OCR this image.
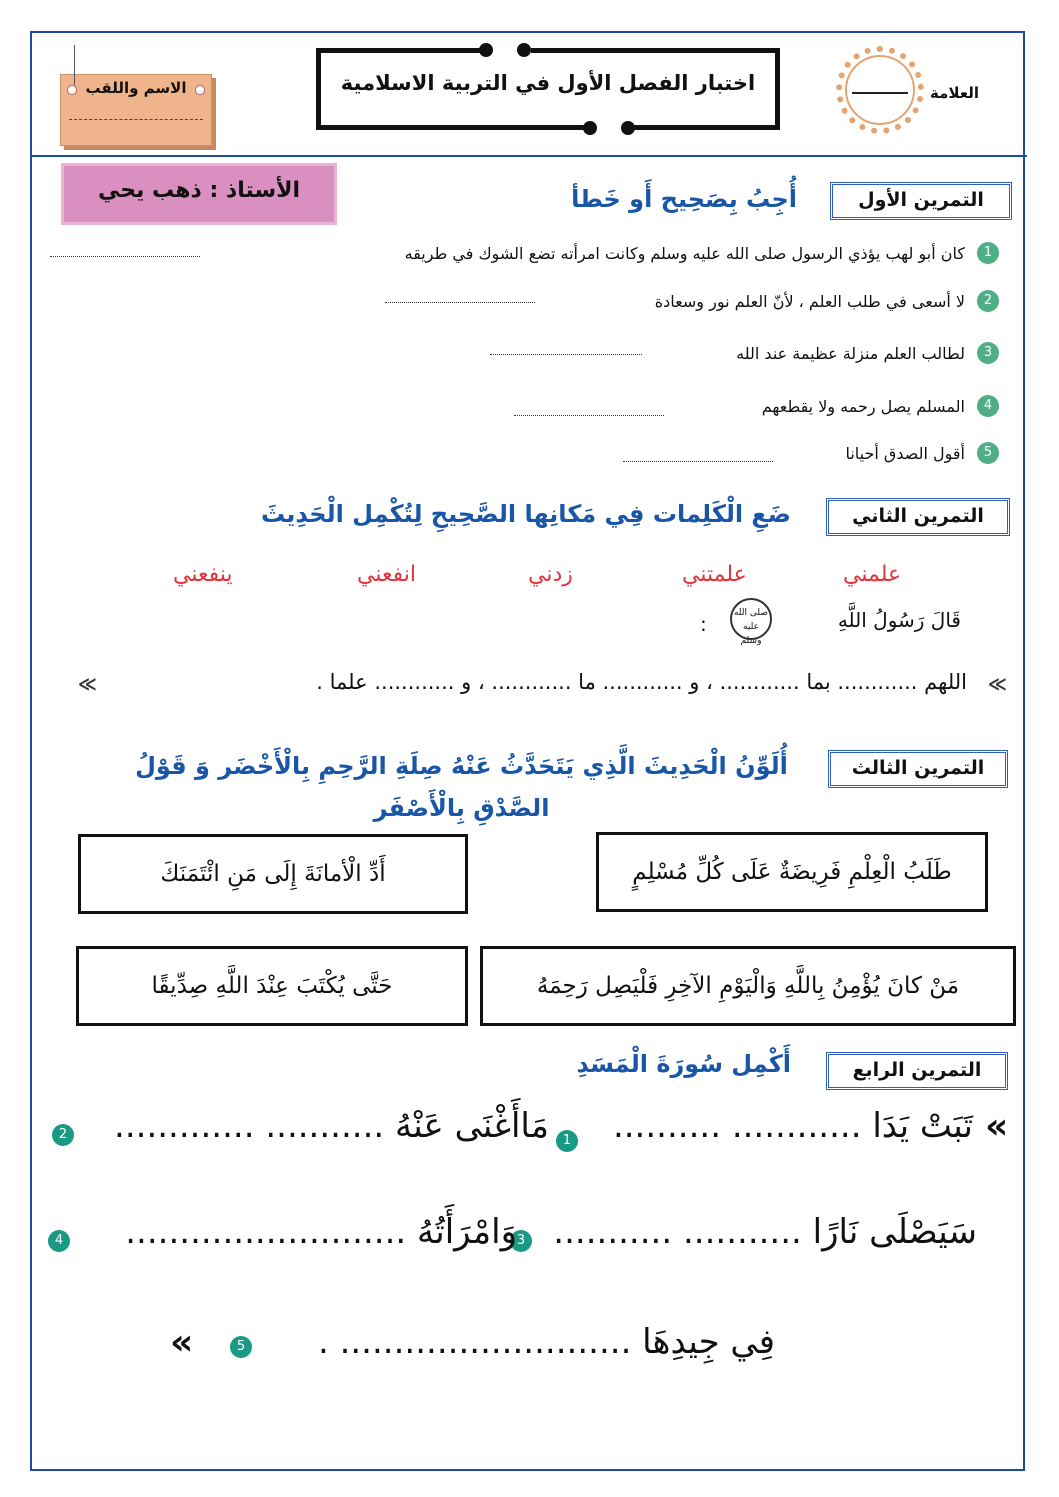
الاسم واللقب	اختبار الفصل الأول في التربية الاسلامية	العلامة
الأستاذ : ذهب يحي	التمرين الأول
أُجِبُ بِصَحِيح أَو خَطأ
1
كان أبو لهب يؤذي الرسول صلى الله عليه وسلم وكانت امرأته تضع الشوك في طريقه
2
لا أسعى في طلب العلم ، لأنّ العلم نور وسعادة
3
لطالب العلم منزلة عظيمة عند الله
4
المسلم يصل رحمه ولا يقطعهم
5
أقول الصدق أحيانا
التمرين الثاني
ضَعِ الْكَلِمات فِي مَكانِها الصَّحِيحِ لِتُكْمِل الْحَدِيثَ
علمني
علمتني
زدني
انفعني
ينفعني
قَالَ رَسُولُ اللَّهِ
صلى الله عليه وسلم
:
≪
اللهم ............ بما ............ ، و ............ ما ............ ، و ............ علما .
≪
التمرين الثالث
أُلَوِّنُ الْحَدِيثَ الَّذِي يَتَحَدَّثُ عَنْهُ صِلَةِ الرَّحِمِ بِالْأَخْضَر وَ قَوْلُ الصَّدْقِ بِالْأَصْفَر
طَلَبُ الْعِلْمِ فَرِيضَةٌ عَلَى كُلِّ مُسْلِمٍ
أَدِّ الْأمانَةَ إِلَى مَنِ ائْتَمَنَكَ
مَنْ كانَ يُؤْمِنُ بِاللَّهِ وَالْيَوْمِ الآخِرِ فَلْيَصِل رَحِمَهُ
حَتَّى يُكْتَبَ عِنْدَ اللَّهِ صِدِّيقًا
التمرين الرابع
أَكْمِل سُورَةَ الْمَسَدِ
«
تَبَتْ يَدَا ............ ..........
1
مَاأَغْنَى عَنْهُ ........... .............
2
سَيَصْلَى نَارًا ........... ...........
3
وَامْرَأَتُهُ ..........................
4
فِي جِيدِهَا ........................... .
5
«
